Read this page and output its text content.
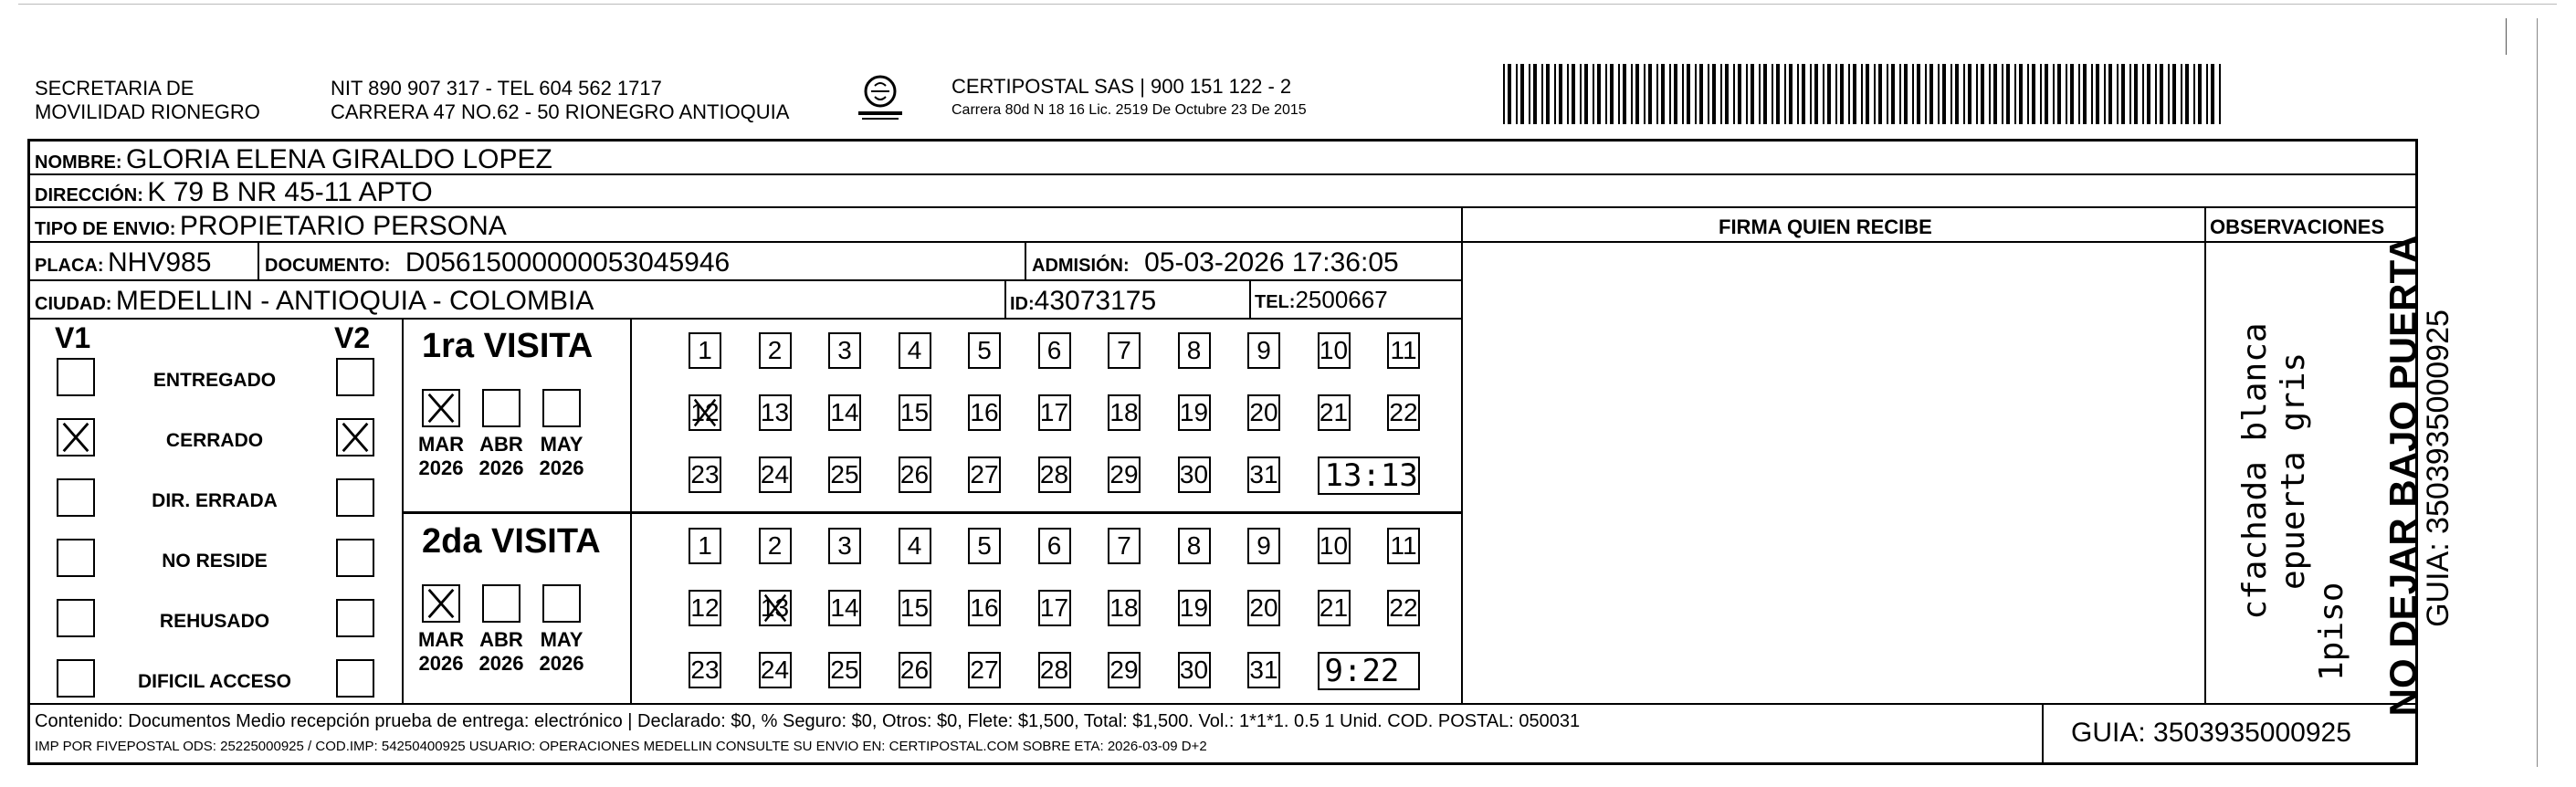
SECRETARIA DE
MOVILIDAD RIONEGRO
NIT 890 907 317 - TEL 604 562 1717
CARRERA 47 NO.62 - 50 RIONEGRO ANTIOQUIA
CERTIPOSTAL SAS | 900 151 122 - 2
Carrera 80d N 18 16 Lic. 2519 De Octubre 23 De 2015
NOMBRE: GLORIA ELENA GIRALDO LOPEZ
DIRECCIÓN: K 79 B NR 45-11 APTO
TIPO DE ENVIO: PROPIETARIO PERSONA
PLACA: NHV985	DOCUMENTO: D05615000000053045946	ADMISIÓN: 05-03-2026 17:36:05
CIUDAD: MEDELLIN - ANTIOQUIA - COLOMBIA	ID:43073175	TEL:2500667
FIRMA QUIEN RECIBE	OBSERVACIONES
cfachada blanca epuerta gris
1piso
V1	V2
ENTREGADO
CERRADO
DIR. ERRADA
NO RESIDE
REHUSADO
DIFICIL ACCESO
1ra VISITA
MAR
2026
ABR
2026
MAY
2026
1	2	3	4	5	6	7	8	9	10 11
12 13 14 15 16 17 18 19 20 21 22
23 24 25 26 27 28 29 30 31 13:13
2da VISITA
MAR
2026
ABR
2026
MAY
2026
1	2	3	4	5	6	7	8	9	10 11
12 13 14 15 16 17 18 19 20 21 22
23 24 25 26 27 28 29 30 31 9:22
Contenido: Documentos Medio recepción prueba de entrega: electrónico | Declarado: $0, % Seguro: $0, Otros: $0, Flete: $1,500, Total: $1,500. Vol.: 1*1*1. 0.5 1 Unid. COD. POSTAL: 050031
IMP POR FIVEPOSTAL ODS: 25225000925 / COD.IMP: 54250400925 USUARIO: OPERACIONES MEDELLIN CONSULTE SU ENVIO EN: CERTIPOSTAL.COM SOBRE ETA: 2026-03-09 D+2	GUIA: 3503935000925
NO DEJAR BAJO PUERTA
GUIA: 3503935000925
